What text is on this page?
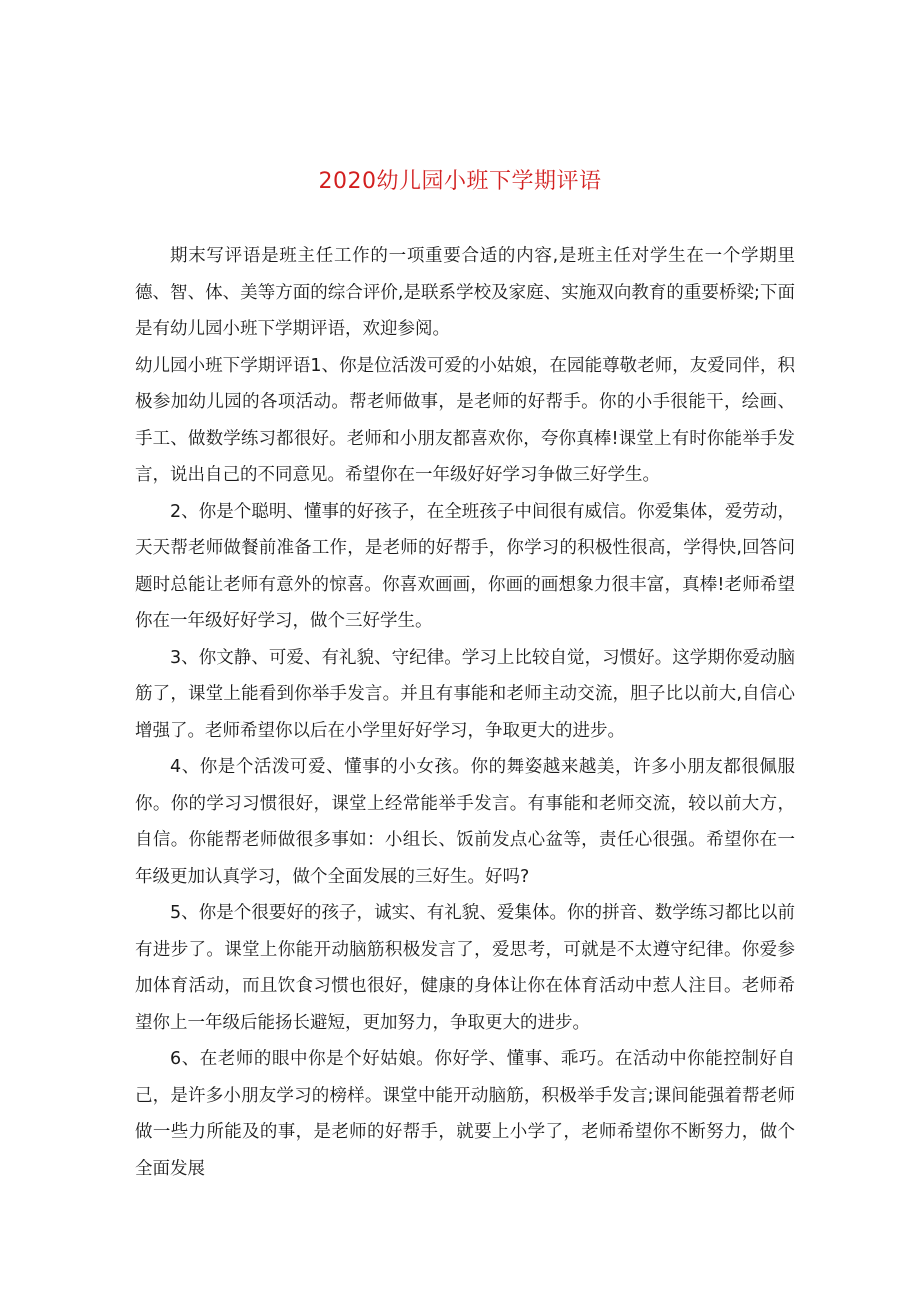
2020幼儿园小班下学期评语

期末写评语是班主任工作的一项重要合适的内容,是班主任对学生在一个学期里德、智、体、美等方面的综合评价,是联系学校及家庭、实施双向教育的重要桥梁;下面是有幼儿园小班下学期评语，欢迎参阅。

幼儿园小班下学期评语1、你是位活泼可爱的小姑娘，在园能尊敬老师，友爱同伴，积极参加幼儿园的各项活动。帮老师做事，是老师的好帮手。你的小手很能干，绘画、手工、做数学练习都很好。老师和小朋友都喜欢你，夸你真棒!课堂上有时你能举手发言，说出自己的不同意见。希望你在一年级好好学习争做三好学生。

2、你是个聪明、懂事的好孩子，在全班孩子中间很有威信。你爱集体，爱劳动，天天帮老师做餐前准备工作，是老师的好帮手，你学习的积极性很高，学得快,回答问题时总能让老师有意外的惊喜。你喜欢画画，你画的画想象力很丰富，真棒!老师希望你在一年级好好学习，做个三好学生。

3、你文静、可爱、有礼貌、守纪律。学习上比较自觉，习惯好。这学期你爱动脑筋了，课堂上能看到你举手发言。并且有事能和老师主动交流，胆子比以前大,自信心增强了。老师希望你以后在小学里好好学习，争取更大的进步。

4、你是个活泼可爱、懂事的小女孩。你的舞姿越来越美，许多小朋友都很佩服你。你的学习习惯很好，课堂上经常能举手发言。有事能和老师交流，较以前大方，自信。你能帮老师做很多事如：小组长、饭前发点心盆等，责任心很强。希望你在一年级更加认真学习，做个全面发展的三好生。好吗?

5、你是个很要好的孩子，诚实、有礼貌、爱集体。你的拼音、数学练习都比以前有进步了。课堂上你能开动脑筋积极发言了，爱思考，可就是不太遵守纪律。你爱参加体育活动，而且饮食习惯也很好，健康的身体让你在体育活动中惹人注目。老师希望你上一年级后能扬长避短，更加努力，争取更大的进步。

6、在老师的眼中你是个好姑娘。你好学、懂事、乖巧。在活动中你能控制好自己，是许多小朋友学习的榜样。课堂中能开动脑筋，积极举手发言;课间能强着帮老师做一些力所能及的事，是老师的好帮手，就要上小学了，老师希望你不断努力，做个全面发展
